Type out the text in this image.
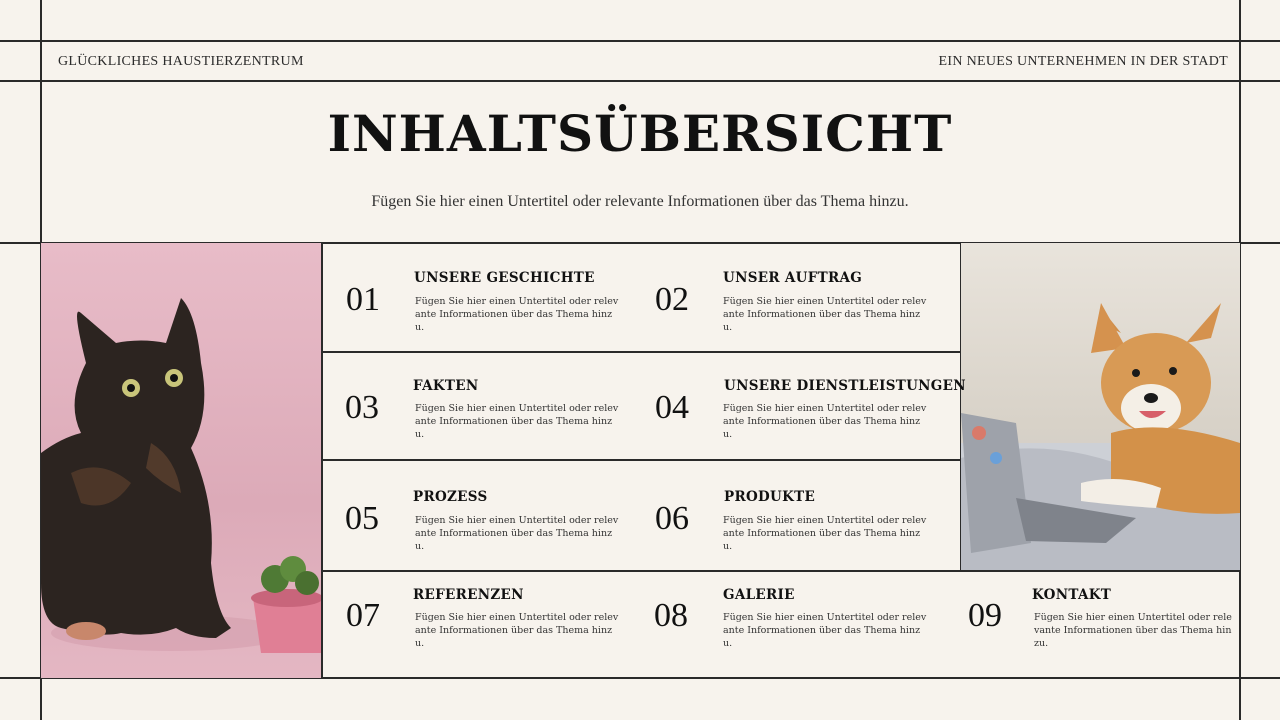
GLÜCKLICHES HAUSTIERZENTRUM	EIN NEUES UNTERNEHMEN IN DER STADT
INHALTSÜBERSICHT
Fügen Sie hier einen Untertitel oder relevante Informationen über das Thema hinzu.
01
UNSERE GESCHICHTE
Fügen Sie hier einen Untertitel oder relevante Informationen über das Thema hinzu.
02
UNSER AUFTRAG
Fügen Sie hier einen Untertitel oder relevante Informationen über das Thema hinzu.
03
FAKTEN
Fügen Sie hier einen Untertitel oder relevante Informationen über das Thema hinzu.
04
UNSERE DIENSTLEISTUNGEN
Fügen Sie hier einen Untertitel oder relevante Informationen über das Thema hinzu.
05
PROZESS
Fügen Sie hier einen Untertitel oder relevante Informationen über das Thema hinzu.
06
PRODUKTE
Fügen Sie hier einen Untertitel oder relevante Informationen über das Thema hinzu.
07
REFERENZEN
Fügen Sie hier einen Untertitel oder relevante Informationen über das Thema hinzu.
08
GALERIE
Fügen Sie hier einen Untertitel oder relevante Informationen über das Thema hinzu.
09
KONTAKT
Fügen Sie hier einen Untertitel oder relevante Informationen über das Thema hinzu.
